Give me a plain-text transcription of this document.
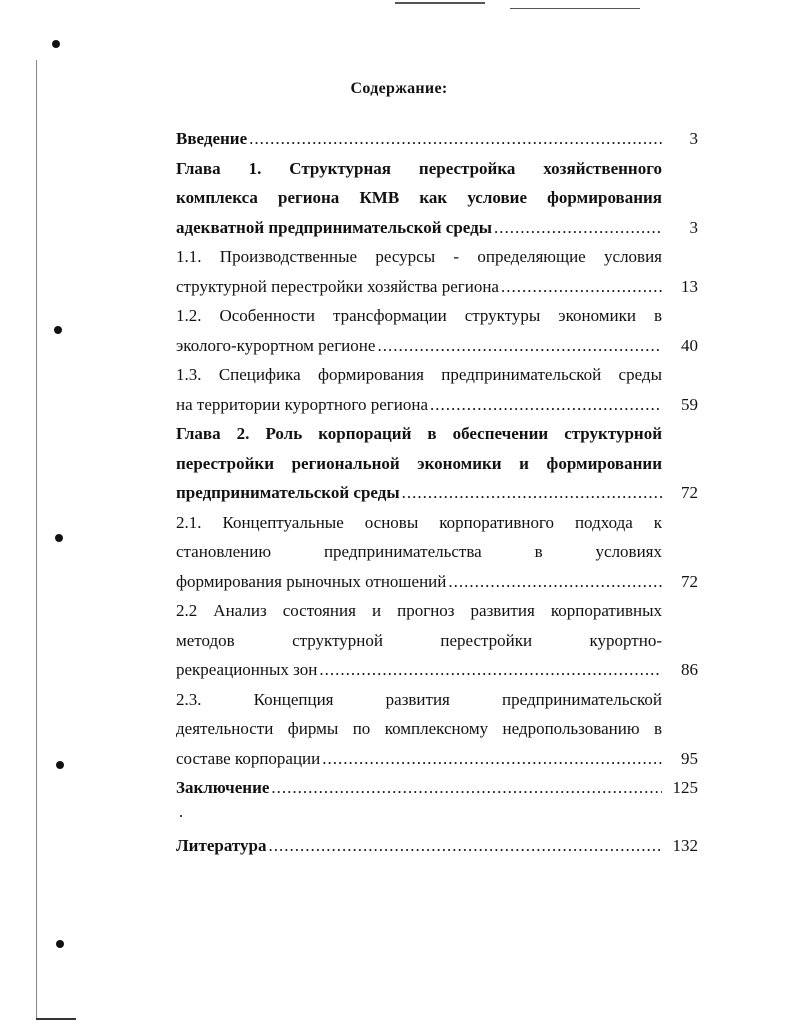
Содержание:
Введение .....	3
Глава 1. Структурная перестройка хозяйственного
комплекса региона КМВ как условие формирования
адекватной предпринимательской среды .....	3
1.1. Производственные ресурсы - определяющие условия
структурной перестройки хозяйства региона .....	13
1.2. Особенности трансформации структуры экономики в
эколого-курортном регионе .....	40
1.3. Специфика формирования предпринимательской среды
на территории курортного региона .....	59
Глава 2. Роль корпораций в обеспечении структурной
перестройки региональной экономики и формировании
предпринимательской среды .....	72
2.1. Концептуальные основы корпоративного подхода к
становлению предпринимательства в условиях
формирования рыночных отношений .....	72
2.2 Анализ состояния и прогноз развития корпоративных
методов структурной перестройки курортно-
рекреационных зон .....	86
2.3. Концепция развития предпринимательской
деятельности фирмы по комплексному недропользованию в
составе корпорации .....	95
Заключение .....	125
Литература .....	132
